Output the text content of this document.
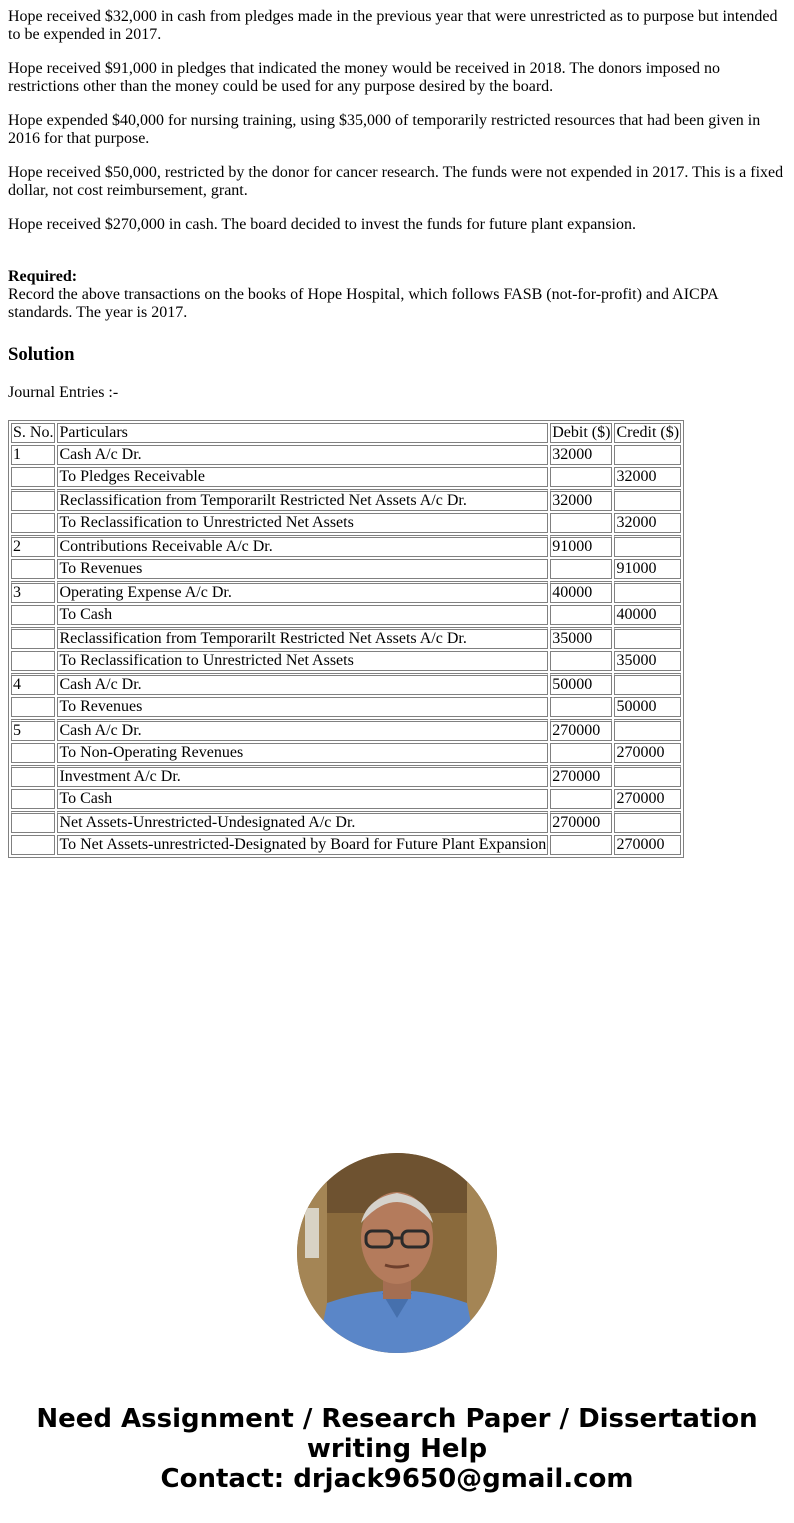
Hope received $32,000 in cash from pledges made in the previous year that were unrestricted as to purpose but intended to be expended in 2017.

Hope received $91,000 in pledges that indicated the money would be received in 2018. The donors imposed no restrictions other than the money could be used for any purpose desired by the board.

Hope expended $40,000 for nursing training, using $35,000 of temporarily restricted resources that had been given in 2016 for that purpose.

Hope received $50,000, restricted by the donor for cancer research. The funds were not expended in 2017. This is a fixed dollar, not cost reimbursement, grant.

Hope received $270,000 in cash. The board decided to invest the funds for future plant expansion.

Required:
Record the above transactions on the books of Hope Hospital, which follows FASB (not-for-profit) and AICPA standards. The year is 2017.
Solution

Journal Entries :-

S. No.	Particulars	Debit ($)	Credit ($)
1	Cash A/c Dr.	32000	
	To Pledges Receivable		32000
	Reclassification from Temporarilt Restricted Net Assets A/c Dr.	32000	
	To Reclassification to Unrestricted Net Assets		32000
2	Contributions Receivable A/c Dr.	91000	
	To Revenues		91000
3	Operating Expense A/c Dr.	40000	
	To Cash		40000
	Reclassification from Temporarilt Restricted Net Assets A/c Dr.	35000	
	To Reclassification to Unrestricted Net Assets		35000
4	Cash A/c Dr.	50000	
	To Revenues		50000
5	Cash A/c Dr.	270000	
	To Non-Operating Revenues		270000
	Investment A/c Dr.	270000	
	To Cash		270000
	Net Assets-Unrestricted-Undesignated A/c Dr.	270000	
	To Net Assets-unrestricted-Designated by Board for Future Plant Expansion		270000
Need Assignment / Research Paper / Dissertation
writing Help
Contact: drjack9650@gmail.com
